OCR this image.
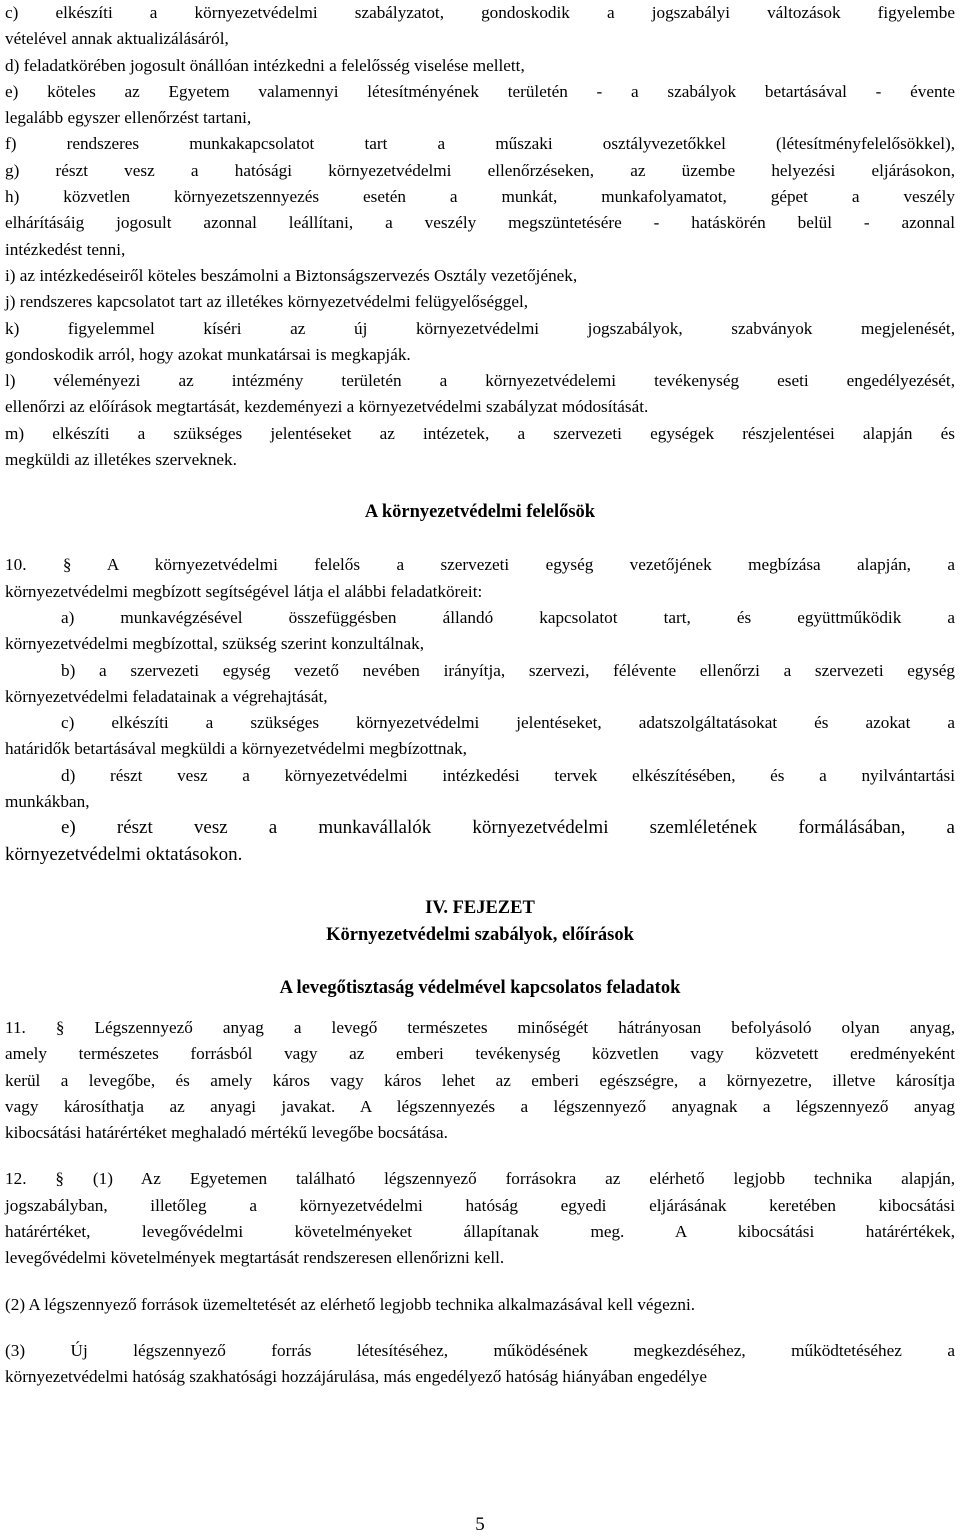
c) elkészíti a környezetvédelmi szabályzatot, gondoskodik a jogszabályi változások figyelembe
vételével annak aktualizálásáról,
d) feladatkörében jogosult önállóan intézkedni a felelősség viselése mellett,
e) köteles az Egyetem valamennyi létesítményének területén - a szabályok betartásával - évente
legalább egyszer ellenőrzést tartani,
f) rendszeres munkakapcsolatot tart a műszaki osztályvezetőkkel (létesítményfelelősökkel),
g) részt vesz a hatósági környezetvédelmi ellenőrzéseken, az üzembe helyezési eljárásokon,
h) közvetlen környezetszennyezés esetén a munkát, munkafolyamatot, gépet a veszély
elhárításáig jogosult azonnal leállítani, a veszély megszüntetésére - hatáskörén belül - azonnal
intézkedést tenni,
i) az intézkedéseiről köteles beszámolni a Biztonságszervezés Osztály vezetőjének,
j) rendszeres kapcsolatot tart az illetékes környezetvédelmi felügyelőséggel,
k) figyelemmel kíséri az új környezetvédelmi jogszabályok, szabványok megjelenését,
gondoskodik arról, hogy azokat munkatársai is megkapják.
l) véleményezi az intézmény területén a környezetvédelemi tevékenység eseti engedélyezését,
ellenőrzi az előírások megtartását, kezdeményezi a környezetvédelmi szabályzat módosítását.
m) elkészíti a szükséges jelentéseket az intézetek, a szervezeti egységek részjelentései alapján és
megküldi az illetékes szerveknek.
A környezetvédelmi felelősök
10. § A környezetvédelmi felelős a szervezeti egység vezetőjének megbízása alapján, a
környezetvédelmi megbízott segítségével látja el alábbi feladatköreit:
a) munkavégzésével összefüggésben állandó kapcsolatot tart, és együttműködik a
környezetvédelmi megbízottal, szükség szerint konzultálnak,
b) a szervezeti egység vezető nevében irányítja, szervezi, félévente ellenőrzi a szervezeti egység
környezetvédelmi feladatainak a végrehajtását,
c) elkészíti a szükséges környezetvédelmi jelentéseket, adatszolgáltatásokat és azokat a
határidők betartásával megküldi a környezetvédelmi megbízottnak,
d) részt vesz a környezetvédelmi intézkedési tervek elkészítésében, és a nyilvántartási
munkákban,
e) részt vesz a munkavállalók környezetvédelmi szemléletének formálásában, a
környezetvédelmi oktatásokon.
IV. FEJEZET
Környezetvédelmi szabályok, előírások
A levegőtisztaság védelmével kapcsolatos feladatok
11. § Légszennyező anyag a levegő természetes minőségét hátrányosan befolyásoló olyan anyag,
amely természetes forrásból vagy az emberi tevékenység közvetlen vagy közvetett eredményeként
kerül a levegőbe, és amely káros vagy káros lehet az emberi egészségre, a környezetre, illetve károsítja
vagy károsíthatja az anyagi javakat. A légszennyezés a légszennyező anyagnak a légszennyező anyag
kibocsátási határértéket meghaladó mértékű levegőbe bocsátása.
12. § (1) Az Egyetemen található légszennyező forrásokra az elérhető legjobb technika alapján,
jogszabályban, illetőleg a környezetvédelmi hatóság egyedi eljárásának keretében kibocsátási
határértéket, levegővédelmi követelményeket állapítanak meg. A kibocsátási határértékek,
levegővédelmi követelmények megtartását rendszeresen ellenőrizni kell.
(2) A légszennyező források üzemeltetését az elérhető legjobb technika alkalmazásával kell végezni.
(3) Új légszennyező forrás létesítéséhez, működésének megkezdéséhez, működtetéséhez a
környezetvédelmi hatóság szakhatósági hozzájárulása, más engedélyező hatóság hiányában engedélye
5
